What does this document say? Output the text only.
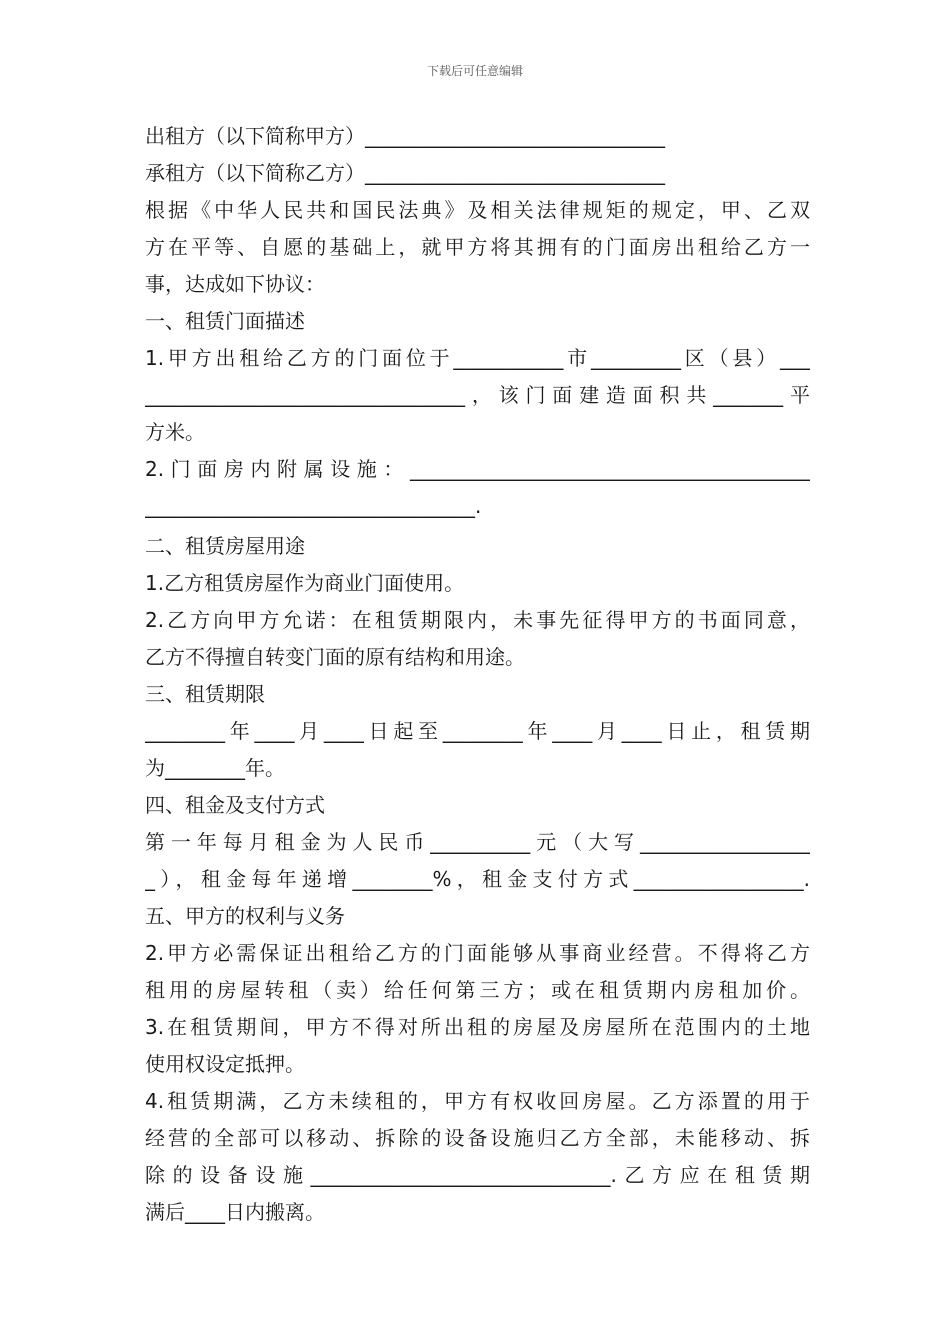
下载后可任意编辑
出租方（以下简称甲方）______________________________
承租方（以下简称乙方）______________________________
根据《中华人民共和国民法典》及相关法律规矩的规定，甲、乙双
方在平等、自愿的基础上，就甲方将其拥有的门面房出租给乙方一
事，达成如下协议：
一、租赁门面描述
1.甲方出租给乙方的门面位于___________市_________区（县）___
________________________________，该门面建造面积共_______平
方米。
2.门面房内附属设施：________________________________________
_________________________________.
二、租赁房屋用途
1.乙方租赁房屋作为商业门面使用。
2.乙方向甲方允诺：在租赁期限内，未事先征得甲方的书面同意，
乙方不得擅自转变门面的原有结构和用途。
三、租赁期限
________年____月____日起至________年____月____日止，租赁期
为________年。
四、租金及支付方式
第一年每月租金为人民币__________元（大写_________________
_），租金每年递增________%，租金支付方式_________________.
五、甲方的权利与义务
2.甲方必需保证出租给乙方的门面能够从事商业经营。不得将乙方
租用的房屋转租（卖）给任何第三方；或在租赁期内房租加价。
3.在租赁期间，甲方不得对所出租的房屋及房屋所在范围内的土地
使用权设定抵押。
4.租赁期满，乙方未续租的，甲方有权收回房屋。乙方添置的用于
经营的全部可以移动、拆除的设备设施归乙方全部，未能移动、拆
除的设备设施______________________________.乙方应在租赁期
满后____日内搬离。
